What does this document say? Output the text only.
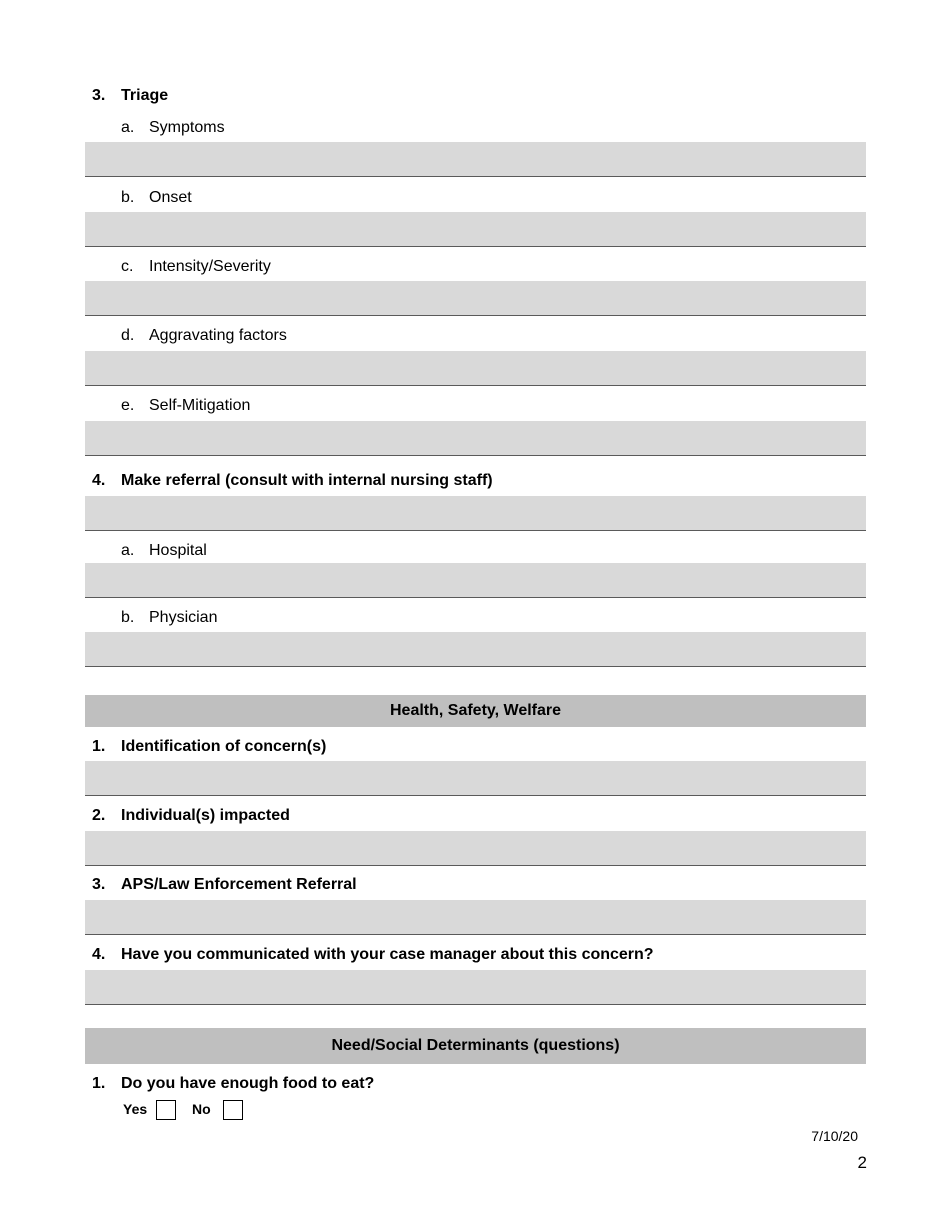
3. Triage
a. Symptoms
b. Onset
c. Intensity/Severity
d. Aggravating factors
e. Self-Mitigation
4. Make referral (consult with internal nursing staff)
a. Hospital
b. Physician
Health, Safety, Welfare
1. Identification of concern(s)
2. Individual(s) impacted
3. APS/Law Enforcement Referral
4. Have you communicated with your case manager about this concern?
Need/Social Determinants (questions)
1. Do you have enough food to eat?
Yes	No
7/10/20
2
